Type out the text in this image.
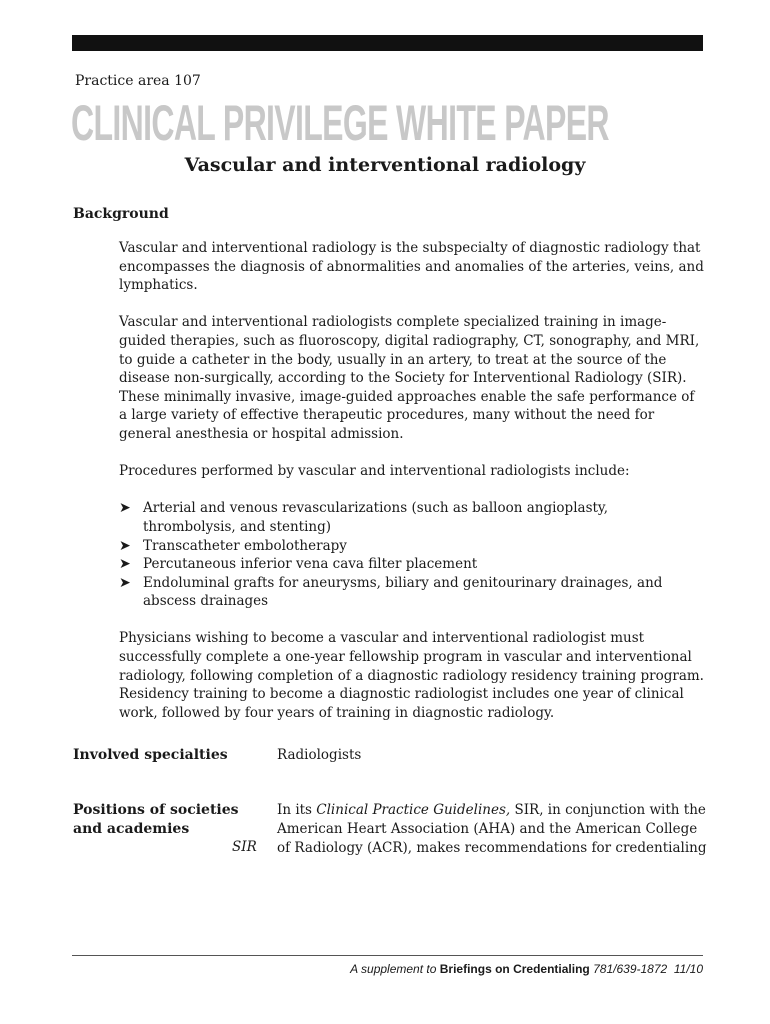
Practice area 107
CLINICAL PRIVILEGE WHITE PAPER
Vascular and interventional radiology
Background

Vascular and interventional radiology is the subspecialty of diagnostic radiology that encompasses the diagnosis of abnormalities and anomalies of the arteries, veins, and lymphatics.

Vascular and interventional radiologists complete specialized training in image-guided therapies, such as fluoroscopy, digital radiography, CT, sonography, and MRI, to guide a catheter in the body, usually in an artery, to treat at the source of the disease non-surgically, according to the Society for Interventional Radiology (SIR). These minimally invasive, image-guided approaches enable the safe performance of a large variety of effective therapeutic procedures, many without the need for general anesthesia or hospital admission.

Procedures performed by vascular and interventional radiologists include:

➤ Arterial and venous revascularizations (such as balloon angioplasty, thrombolysis, and stenting)
➤ Transcatheter embolotherapy
➤ Percutaneous inferior vena cava filter placement
➤ Endoluminal grafts for aneurysms, biliary and genitourinary drainages, and abscess drainages

Physicians wishing to become a vascular and interventional radiologist must successfully complete a one-year fellowship program in vascular and interventional radiology, following completion of a diagnostic radiology residency training program. Residency training to become a diagnostic radiologist includes one year of clinical work, followed by four years of training in diagnostic radiology.

Involved specialties	Radiologists
Positions of societies and academies
SIR
In its Clinical Practice Guidelines, SIR, in conjunction with the American Heart Association (AHA) and the American College of Radiology (ACR), makes recommendations for credentialing
A supplement to Briefings on Credentialing 781/639-1872 11/10
